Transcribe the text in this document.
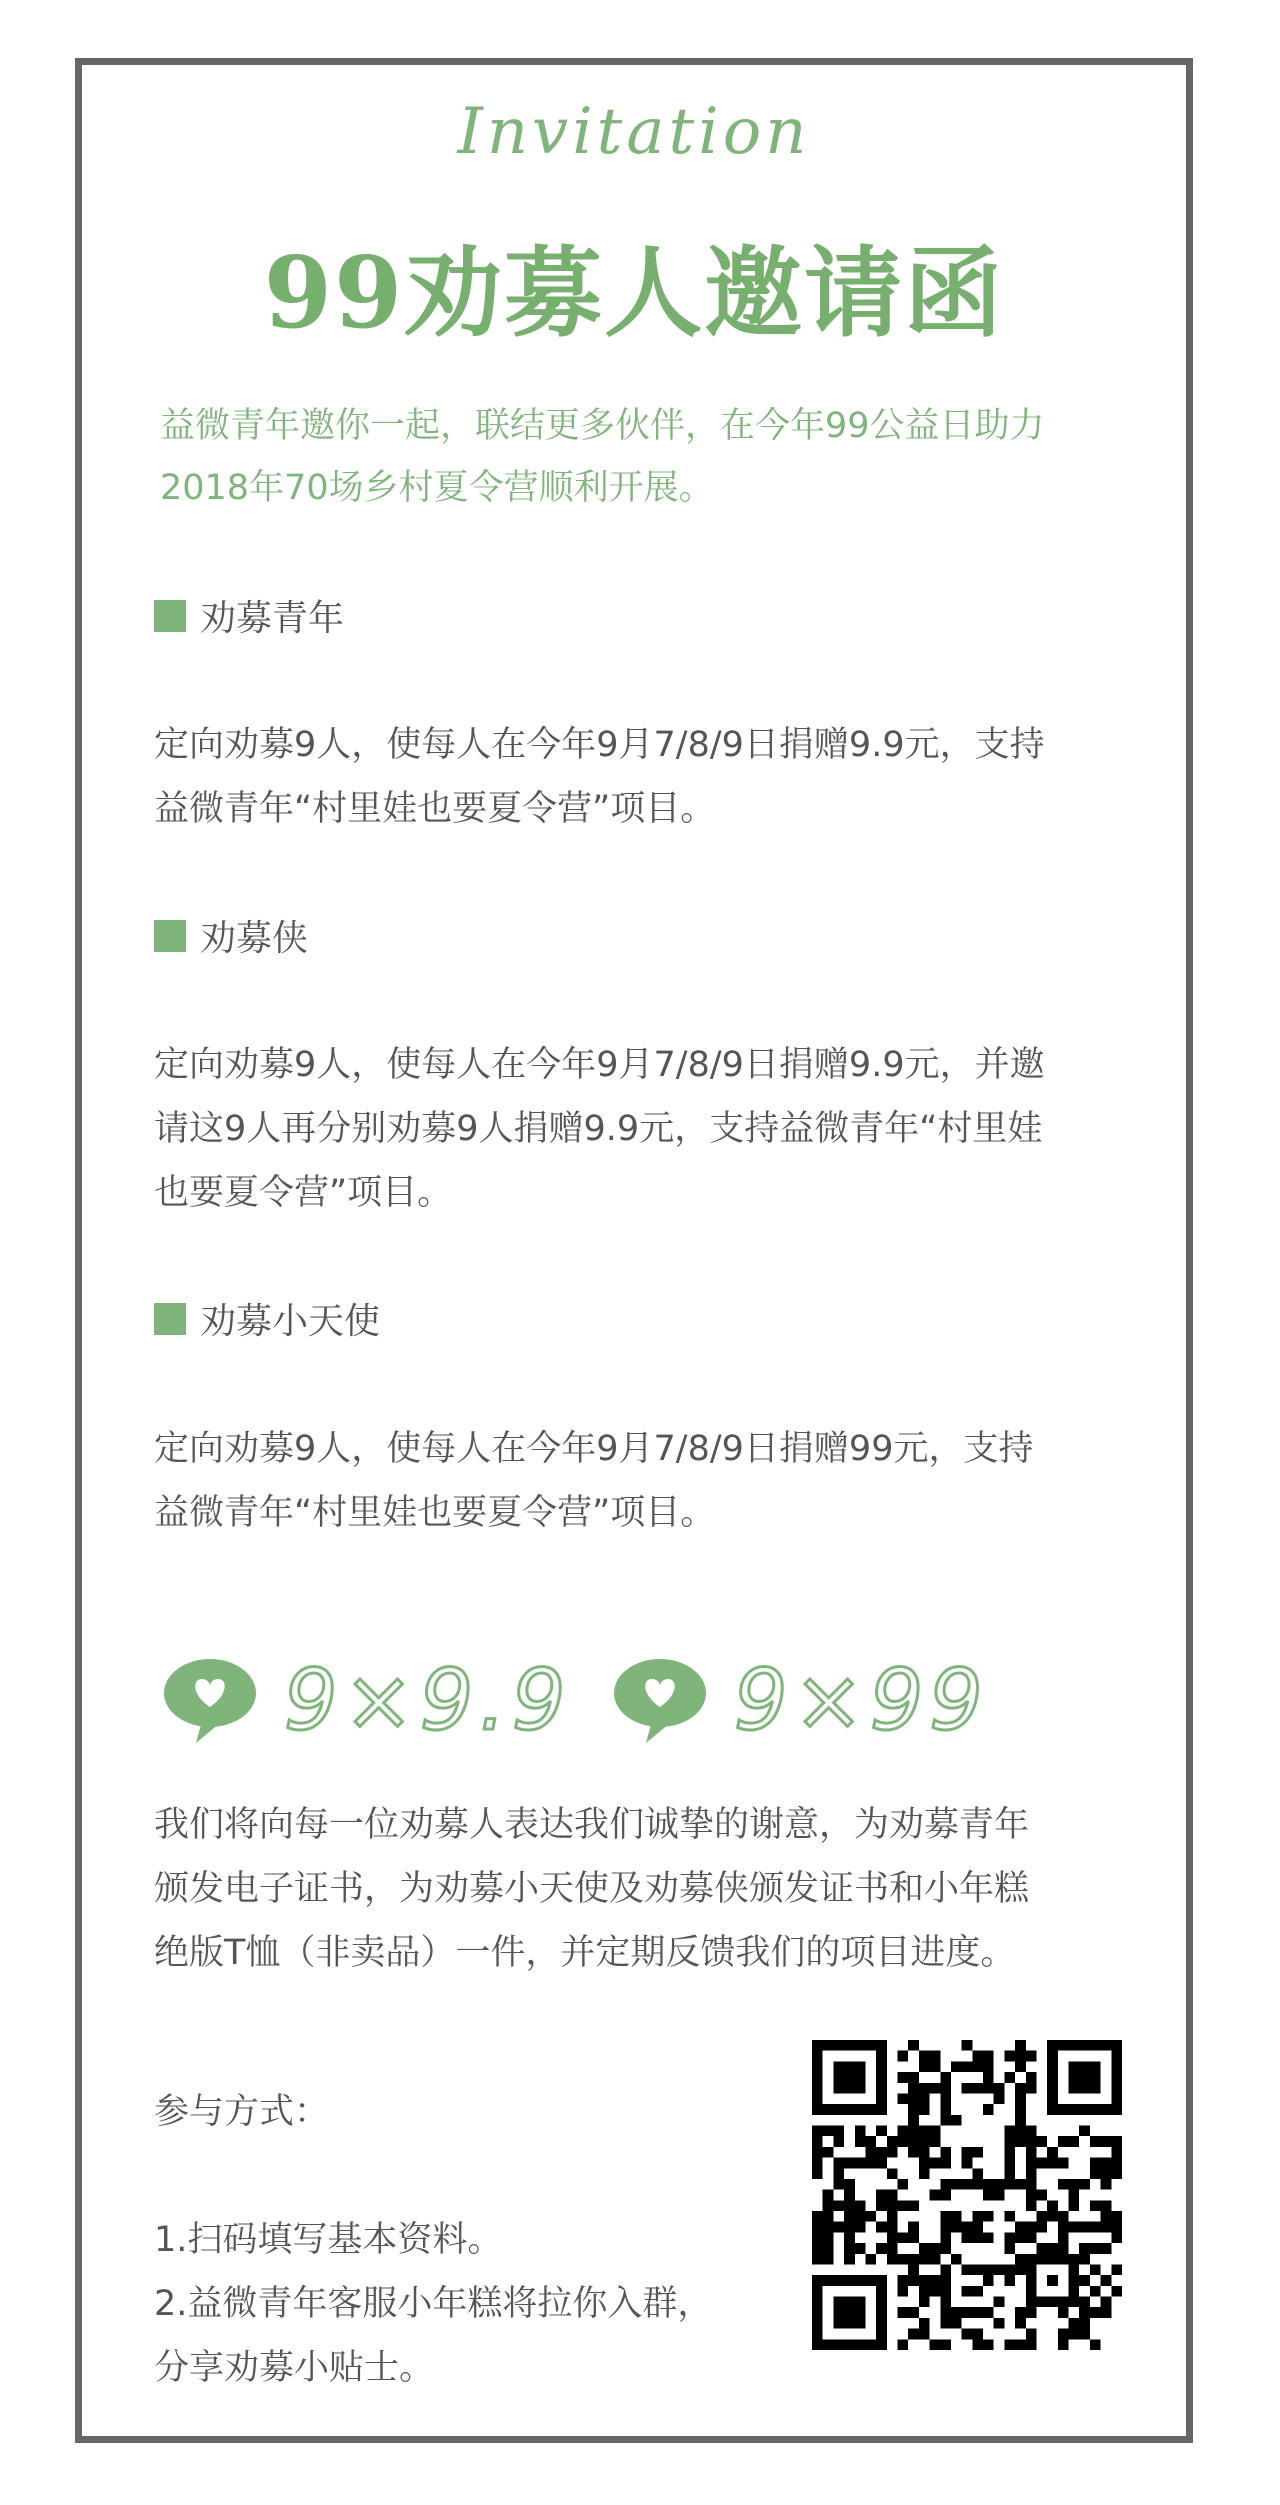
Invitation
99劝募人邀请函

益微青年邀你一起，联结更多伙伴，在今年99公益日助力

2018年70场乡村夏令营顺利开展。

劝募青年

定向劝募9人，使每人在今年9月7/8/9日捐赠9.9元，支持

益微青年“村里娃也要夏令营”项目。

劝募侠

定向劝募9人，使每人在今年9月7/8/9日捐赠9.9元，并邀

请这9人再分别劝募9人捐赠9.9元，支持益微青年“村里娃

也要夏令营”项目。

劝募小天使

定向劝募9人，使每人在今年9月7/8/9日捐赠99元，支持

益微青年“村里娃也要夏令营”项目。

9×9.9 9×99

我们将向每一位劝募人表达我们诚挚的谢意，为劝募青年

颁发电子证书，为劝募小天使及劝募侠颁发证书和小年糕

绝版T恤（非卖品）一件，并定期反馈我们的项目进度。

参与方式：

1.扫码填写基本资料。

2.益微青年客服小年糕将拉你入群，

分享劝募小贴士。
